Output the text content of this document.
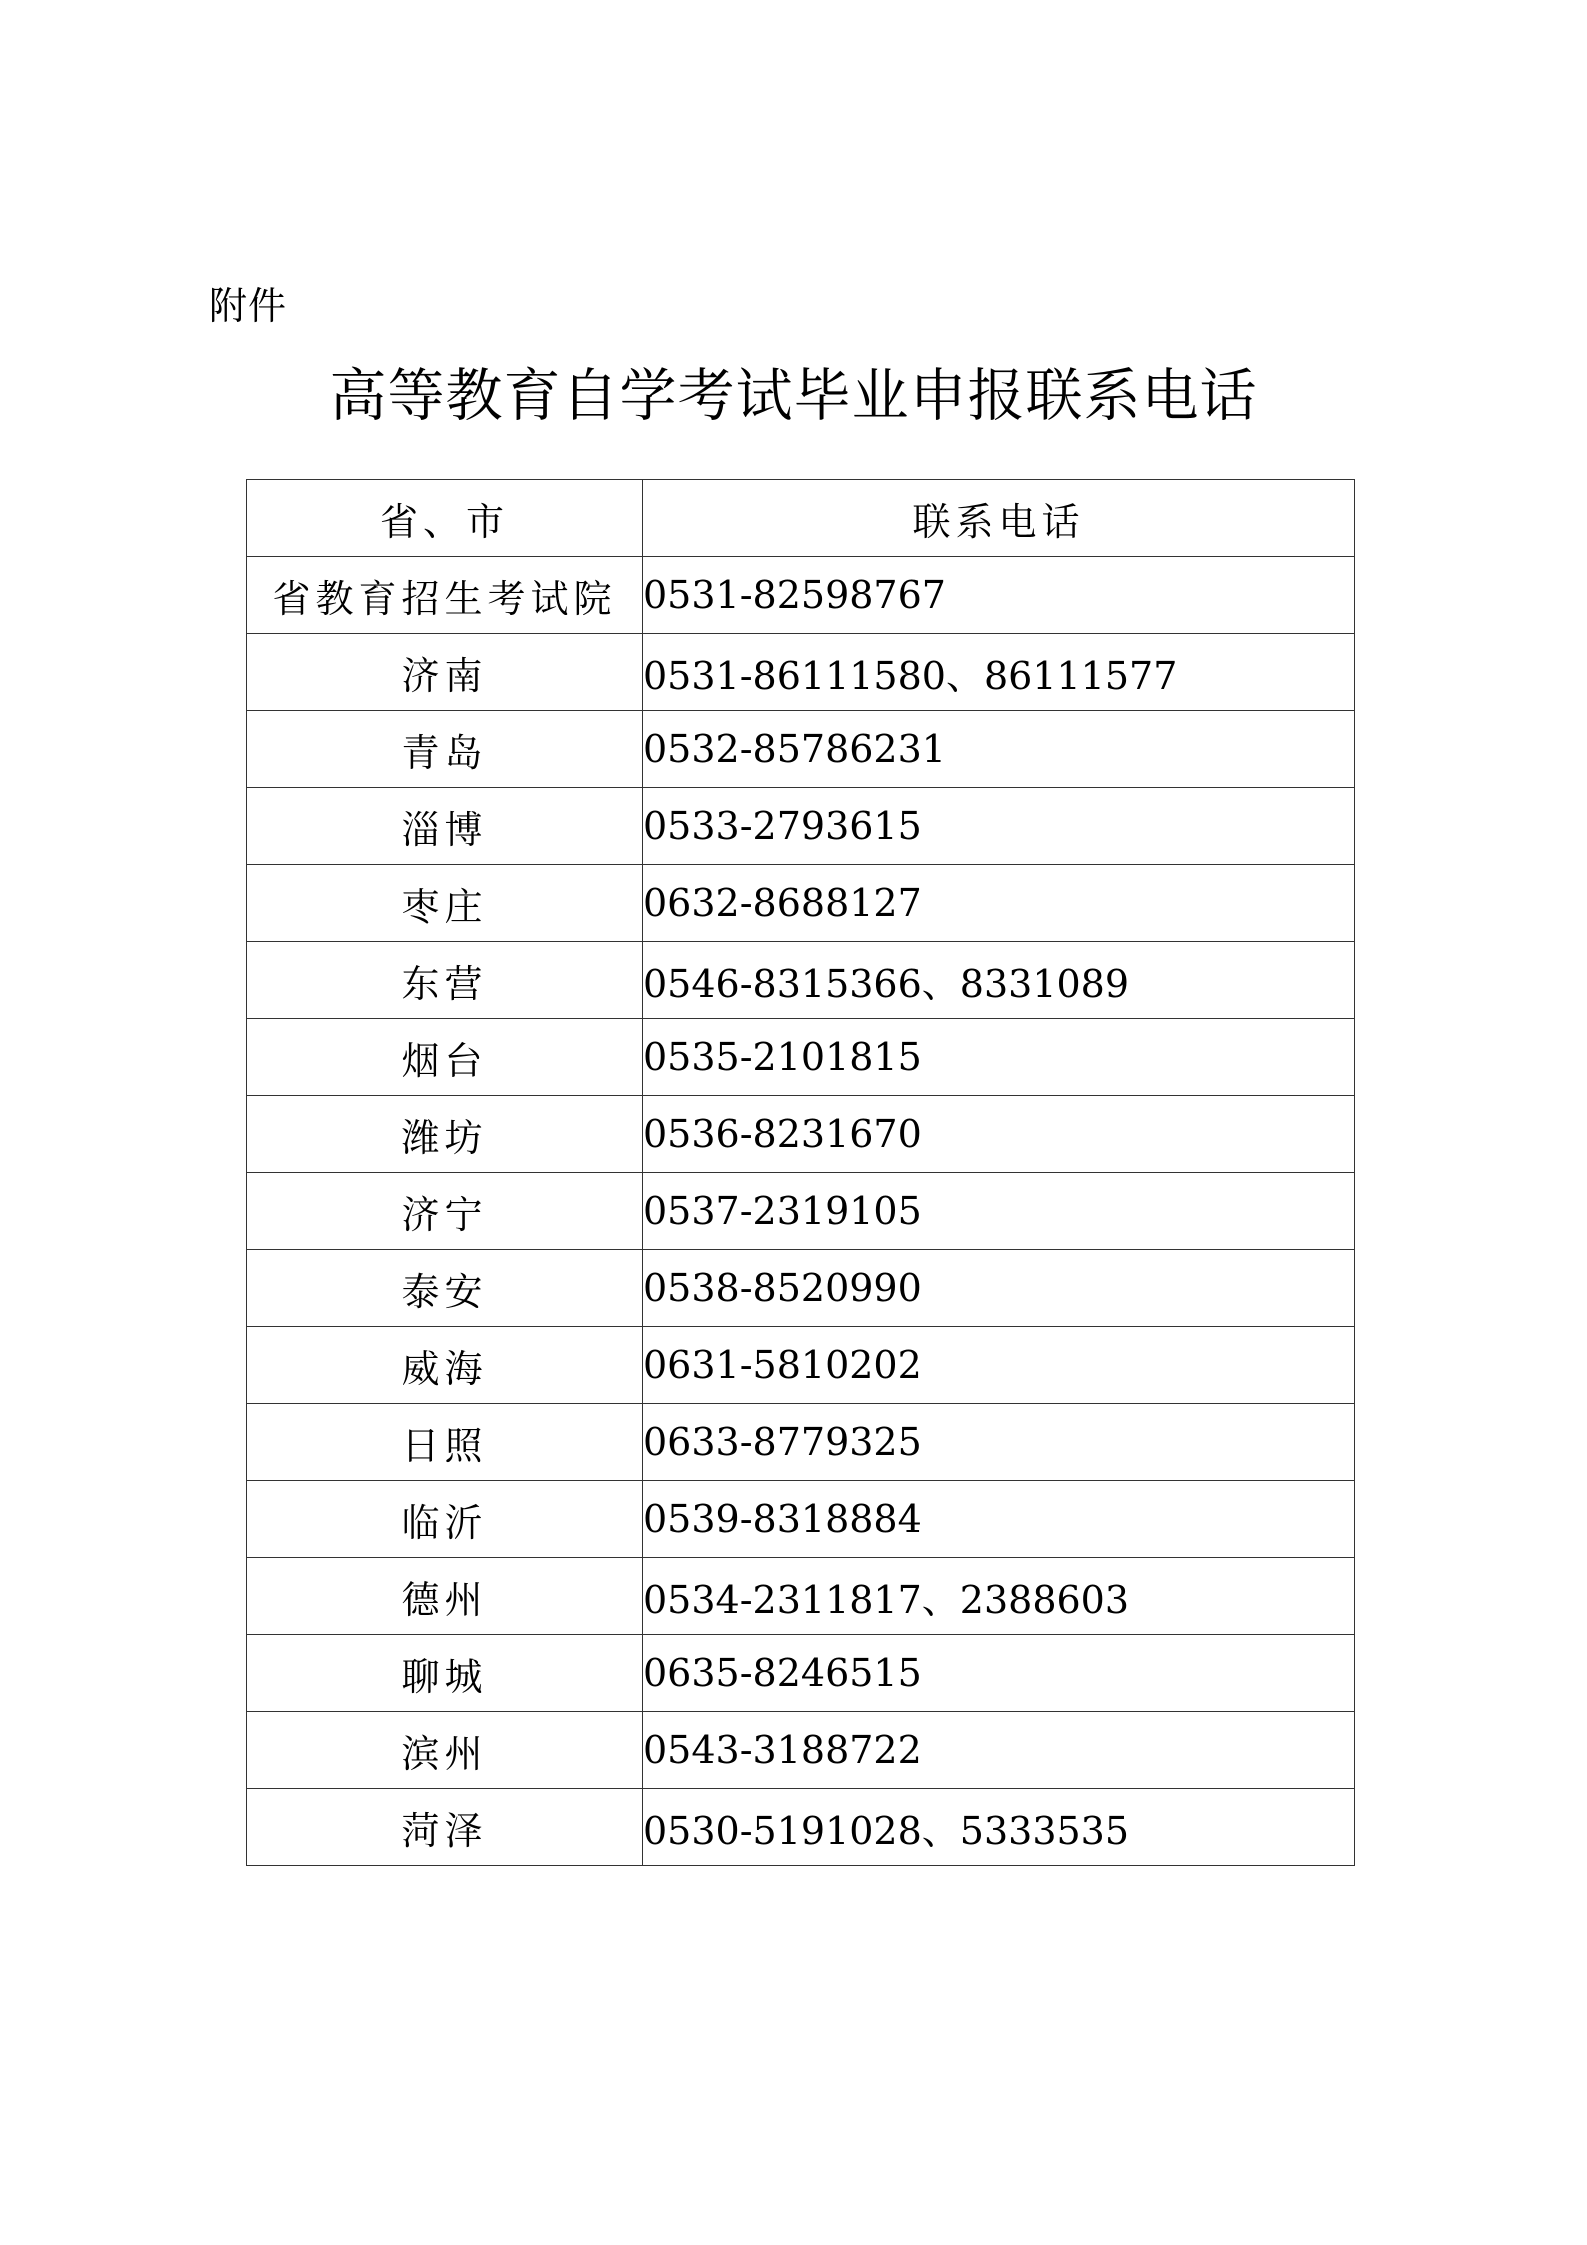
附件
高等教育自学考试毕业申报联系电话
省、市	联系电话
省教育招生考试院	0531-82598767
济南	0531-86111580、86111577
青岛	0532-85786231
淄博	0533-2793615
枣庄	0632-8688127
东营	0546-8315366、8331089
烟台	0535-2101815
潍坊	0536-8231670
济宁	0537-2319105
泰安	0538-8520990
威海	0631-5810202
日照	0633-8779325
临沂	0539-8318884
德州	0534-2311817、2388603
聊城	0635-8246515
滨州	0543-3188722
菏泽	0530-5191028、5333535
